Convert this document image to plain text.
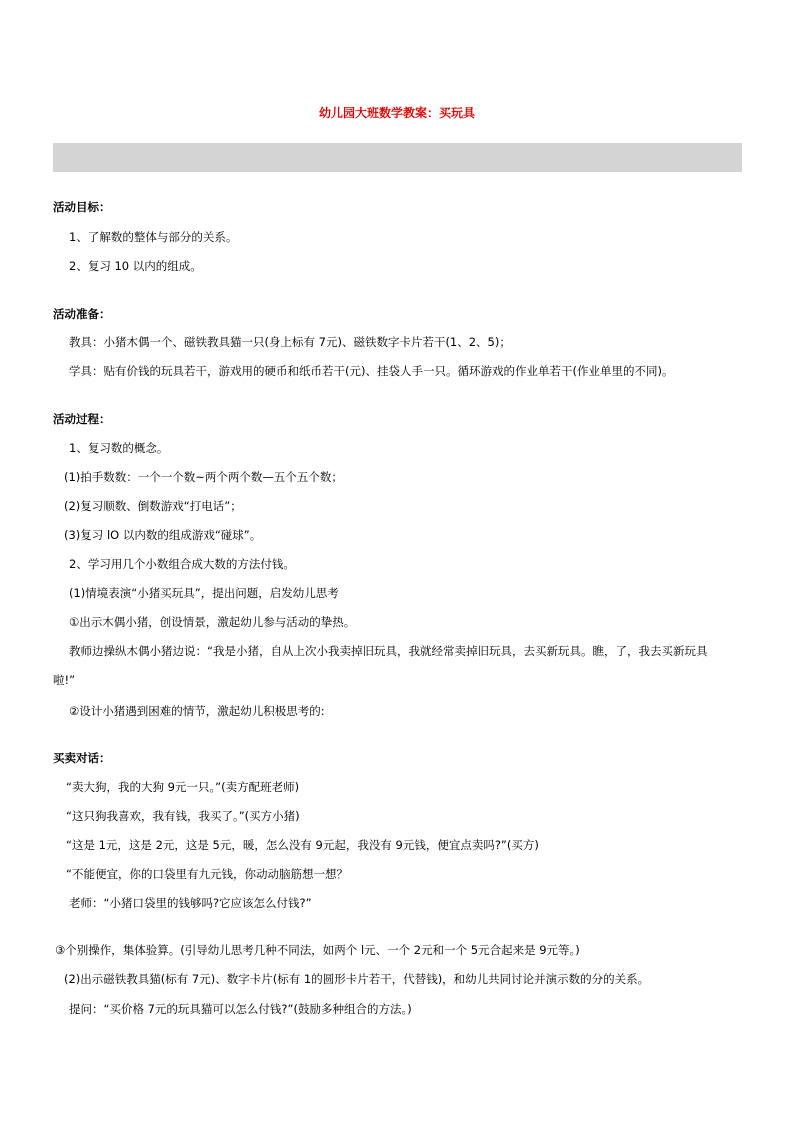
幼儿园大班数学教案：买玩具
活动目标：
1、了解数的整体与部分的关系。
2、复习 10 以内的组成。
活动准备：
教具：小猪木偶一个、磁铁教具猫一只(身上标有 7元)、磁铁数字卡片若干(1、2、5)；
学具：贴有价钱的玩具若干，游戏用的硬币和纸币若干(元)、挂袋人手一只。循环游戏的作业单若干(作业单里的不同)。
活动过程：
1、复习数的概念。
(1)拍手数数：一个一个数~两个两个数—五个五个数；
(2)复习顺数、倒数游戏“打电话”；
(3)复习 lO 以内数的组成游戏“碰球”。
2、学习用几个小数组合成大数的方法付钱。
(1)情境表演“小猪买玩具”，提出问题，启发幼儿思考
①出示木偶小猪，创设情景，激起幼儿参与活动的挚热。
教师边操纵木偶小猪边说：“我是小猪，自从上次小我卖掉旧玩具，我就经常卖掉旧玩具，去买新玩具。瞧，了，我去买新玩具
啦!”
②设计小猪遇到困难的情节，激起幼儿积极思考的:
买卖对话：
“卖大狗，我的大狗 9元一只。”(卖方配班老师)
“这只狗我喜欢，我有钱，我买了。”(买方小猪)
“这是 1元，这是 2元，这是 5元，暖，怎么没有 9元起，我没有 9元钱，便宜点卖吗?”(买方)
“不能便宜，你的口袋里有九元钱，你动动脑筋想一想？
老师：“小猪口袋里的钱够吗?它应该怎么付钱?”
③个别操作，集体验算。(引导幼儿思考几种不同法，如两个 l元、一个 2元和一个 5元合起来是 9元等。)
(2)出示磁铁教具猫(标有 7元)、数字卡片(标有 1的圆形卡片若干，代替钱)，和幼儿共同讨论并演示数的分的关系。
提问：“买价格 7元的玩具猫可以怎么付钱?”(鼓励多种组合的方法。)
